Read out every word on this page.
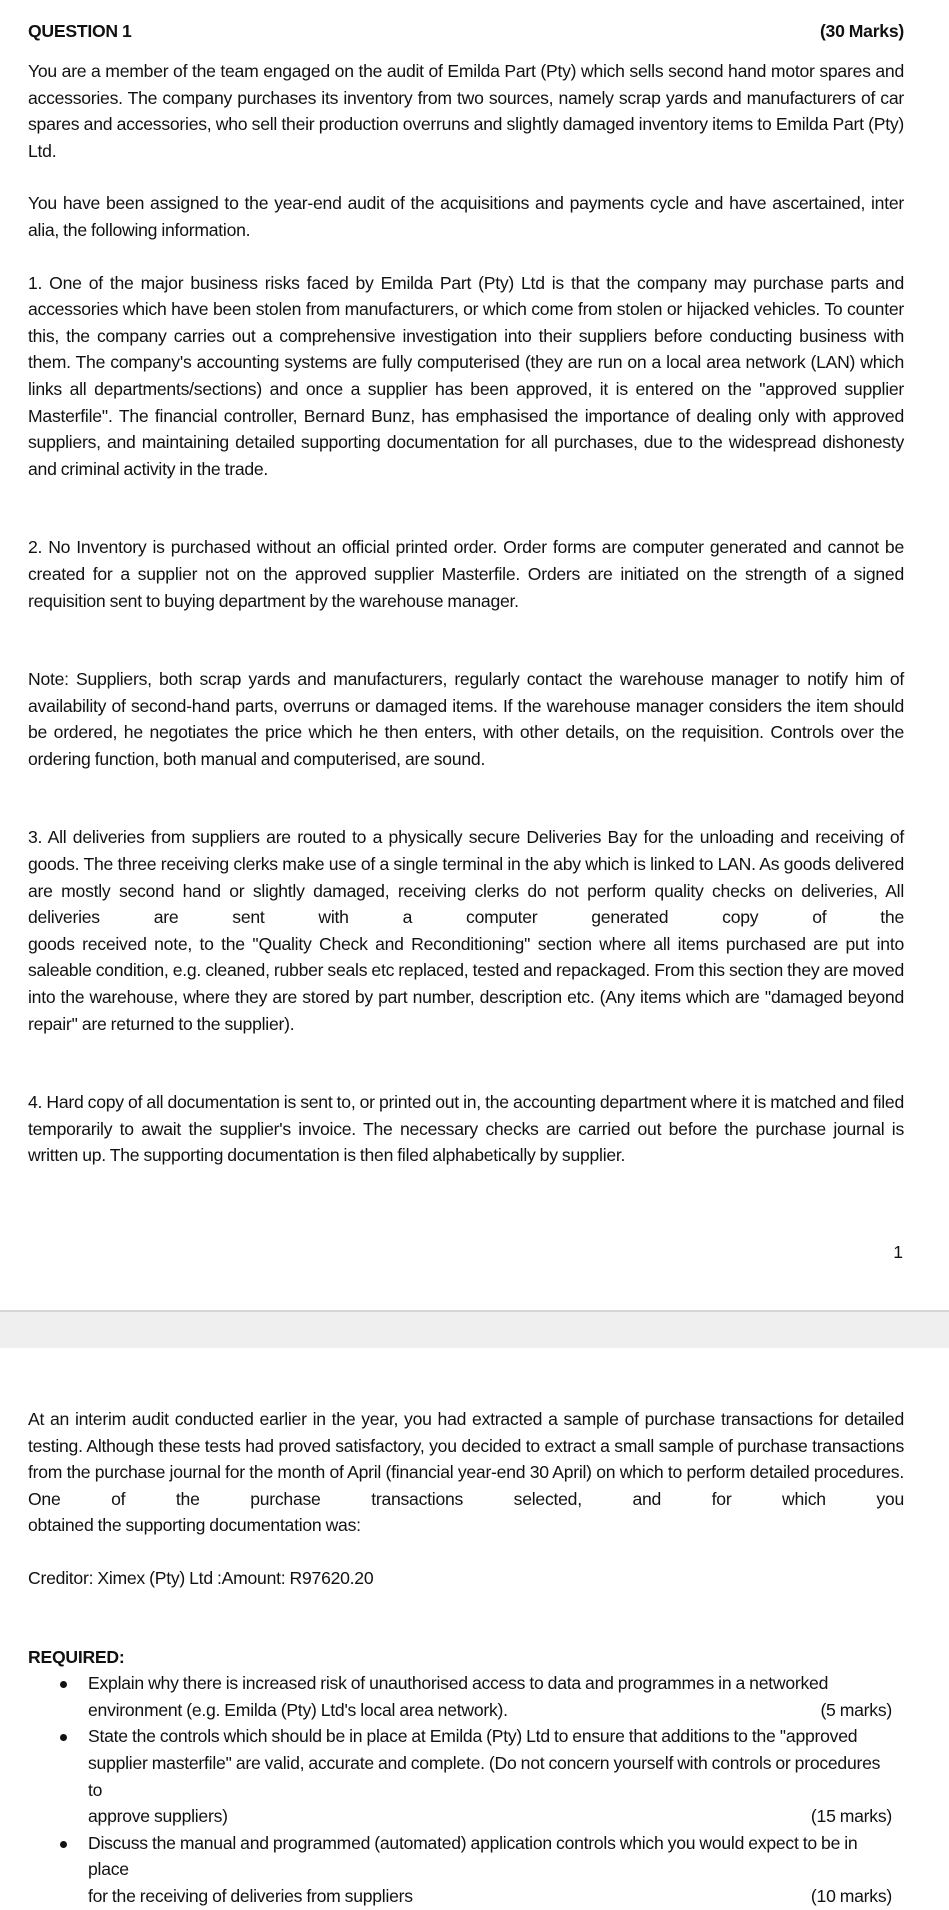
QUESTION 1	(30 Marks)

You are a member of the team engaged on the audit of Emilda Part (Pty) which sells second hand motor spares and accessories. The company purchases its inventory from two sources, namely scrap yards and manufacturers of car spares and accessories, who sell their production overruns and slightly damaged inventory items to Emilda Part (Pty) Ltd.

You have been assigned to the year-end audit of the acquisitions and payments cycle and have ascertained, inter alia, the following information.

1. One of the major business risks faced by Emilda Part (Pty) Ltd is that the company may purchase parts and accessories which have been stolen from manufacturers, or which come from stolen or hijacked vehicles. To counter this, the company carries out a comprehensive investigation into their suppliers before conducting business with them. The company's accounting systems are fully computerised (they are run on a local area network (LAN) which links all departments/sections) and once a supplier has been approved, it is entered on the ''approved supplier Masterfile''. The financial controller, Bernard Bunz, has emphasised the importance of dealing only with approved suppliers, and maintaining detailed supporting documentation for all purchases, due to the widespread dishonesty and criminal activity in the trade.

2. No Inventory is purchased without an official printed order. Order forms are computer generated and cannot be created for a supplier not on the approved supplier Masterfile. Orders are initiated on the strength of a signed requisition sent to buying department by the warehouse manager.

Note: Suppliers, both scrap yards and manufacturers, regularly contact the warehouse manager to notify him of availability of second-hand parts, overruns or damaged items. If the warehouse manager considers the item should be ordered, he negotiates the price which he then enters, with other details, on the requisition. Controls over the ordering function, both manual and computerised, are sound.

3. All deliveries from suppliers are routed to a physically secure Deliveries Bay for the unloading and receiving of goods. The three receiving clerks make use of a single terminal in the aby which is linked to LAN. As goods delivered are mostly second hand or slightly damaged, receiving clerks do not perform quality checks on deliveries, All deliveries are sent with a computer generated copy of the

goods received note, to the ''Quality Check and Reconditioning'' section where all items purchased are put into saleable condition, e.g. cleaned, rubber seals etc replaced, tested and repackaged. From this section they are moved into the warehouse, where they are stored by part number, description etc. (Any items which are ''damaged beyond repair'' are returned to the supplier).

4. Hard copy of all documentation is sent to, or printed out in, the accounting department where it is matched and filed temporarily to await the supplier's invoice. The necessary checks are carried out before the purchase journal is written up. The supporting documentation is then filed alphabetically by supplier.

1

At an interim audit conducted earlier in the year, you had extracted a sample of purchase transactions for detailed testing. Although these tests had proved satisfactory, you decided to extract a small sample of purchase transactions from the purchase journal for the month of April (financial year-end 30 April) on which to perform detailed procedures. One of the purchase transactions selected, and for which you

obtained the supporting documentation was:

Creditor: Ximex (Pty) Ltd :Amount: R97620.20

REQUIRED:

Explain why there is increased risk of unauthorised access to data and programmes in a networked
environment (e.g. Emilda (Pty) Ltd's local area network).	(5 marks)
State the controls which should be in place at Emilda (Pty) Ltd to ensure that additions to the ''approved supplier masterfile'' are valid, accurate and complete. (Do not concern yourself with controls or procedures to
approve suppliers)	(15 marks)
Discuss the manual and programmed (automated) application controls which you would expect to be in place
for the receiving of deliveries from suppliers	(10 marks)
